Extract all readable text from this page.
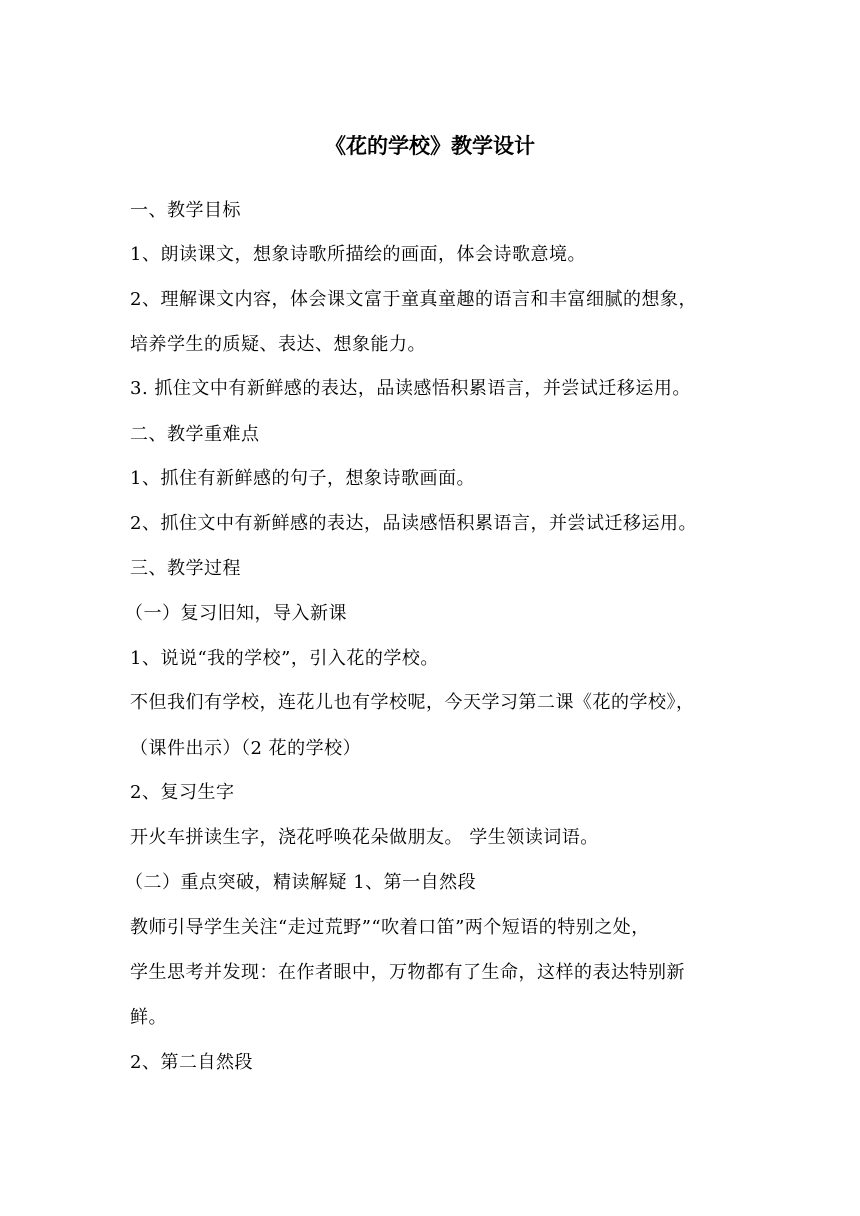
《花的学校》教学设计
一、教学目标
1、朗读课文，想象诗歌所描绘的画面，体会诗歌意境。
2、理解课文内容，体会课文富于童真童趣的语言和丰富细腻的想象，
培养学生的质疑、表达、想象能力。
3. 抓住文中有新鲜感的表达，品读感悟积累语言，并尝试迁移运用。
二、教学重难点
1、抓住有新鲜感的句子，想象诗歌画面。
2、抓住文中有新鲜感的表达，品读感悟积累语言，并尝试迁移运用。
三、教学过程
（一）复习旧知，导入新课
1、说说“我的学校”，引入花的学校。
不但我们有学校，连花儿也有学校呢，今天学习第二课《花的学校》，
（课件出示）（2 花的学校）
2、复习生字
开火车拼读生字，浇花呼唤花朵做朋友。 学生领读词语。
（二）重点突破，精读解疑 1、第一自然段
教师引导学生关注“走过荒野”“吹着口笛”两个短语的特别之处，
学生思考并发现：在作者眼中，万物都有了生命，这样的表达特别新
鲜。
2、第二自然段
